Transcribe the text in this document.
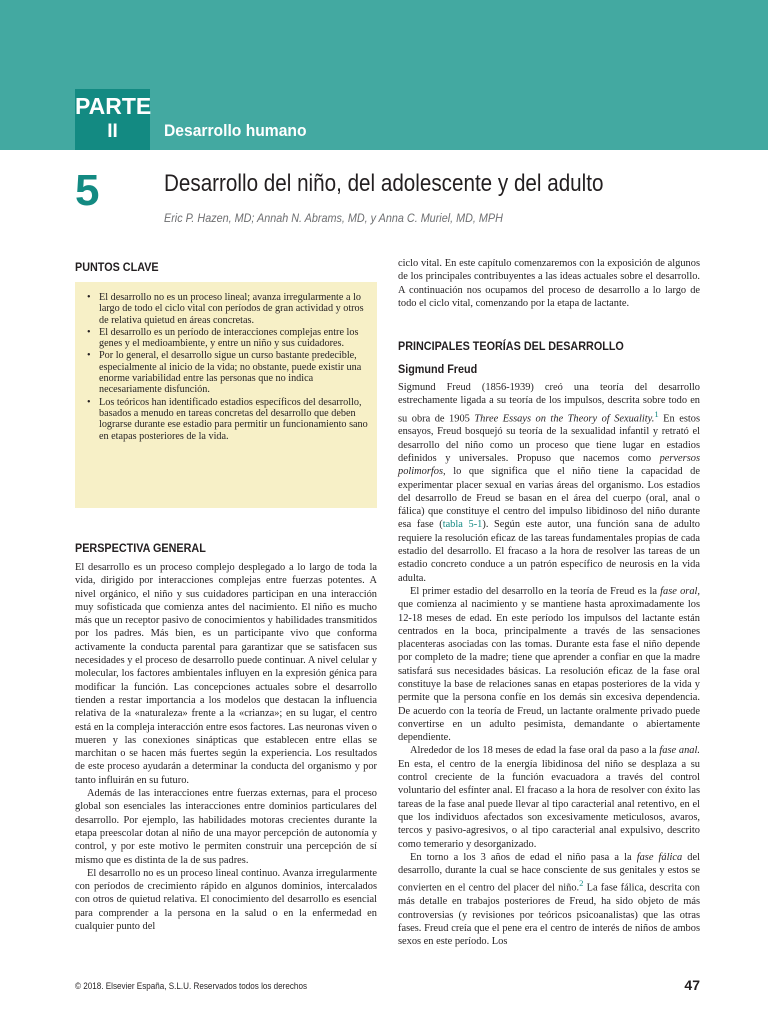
PARTE
II	Desarrollo humano
5	Desarrollo del niño, del adolescente y del adulto
Eric P. Hazen, MD; Annah N. Abrams, MD, y Anna C. Muriel, MD, MPH
PUNTOS CLAVE
• El desarrollo no es un proceso lineal; avanza irregularmente a lo largo de todo el ciclo vital con períodos de gran actividad y otros de relativa quietud en áreas concretas.
• El desarrollo es un período de interacciones complejas entre los genes y el medioambiente, y entre un niño y sus cuidadores.
• Por lo general, el desarrollo sigue un curso bastante predecible, especialmente al inicio de la vida; no obstante, puede existir una enorme variabilidad entre las personas que no indica necesariamente disfunción.
• Los teóricos han identificado estadios específicos del desarrollo, basados a menudo en tareas concretas del desarrollo que deben lograrse durante ese estadio para permitir un funcionamiento sano en etapas posteriores de la vida.
PERSPECTIVA GENERAL

El desarrollo es un proceso complejo desplegado a lo largo de toda la vida, dirigido por interacciones complejas entre fuerzas potentes. A nivel orgánico, el niño y sus cuidadores participan en una interacción muy sofisticada que comienza antes del nacimiento. El niño es mucho más que un receptor pasivo de conocimientos y habilidades transmitidos por los padres. Más bien, es un participante vivo que conforma activamente la conducta parental para garantizar que se satisfacen sus necesidades y el proceso de desarrollo puede continuar. A nivel celular y molecular, los factores ambientales influyen en la expresión génica para modificar la función. Las concepciones actuales sobre el desarrollo tienden a restar importancia a los modelos que destacan la influencia relativa de la «naturaleza» frente a la «crianza»; en su lugar, el centro está en la compleja interacción entre esos factores. Las neuronas viven o mueren y las conexiones sinápticas que establecen entre ellas se marchitan o se hacen más fuertes según la experiencia. Los resultados de este proceso ayudarán a determinar la conducta del organismo y por tanto influirán en su futuro.

Además de las interacciones entre fuerzas externas, para el proceso global son esenciales las interacciones entre dominios particulares del desarrollo. Por ejemplo, las habilidades motoras crecientes durante la etapa preescolar dotan al niño de una mayor percepción de autonomía y control, y por este motivo le permiten construir una percepción de sí mismo que es distinta de la de sus padres.

El desarrollo no es un proceso lineal continuo. Avanza irregularmente con períodos de crecimiento rápido en algunos dominios, intercalados con otros de quietud relativa. El conocimiento del desarrollo es esencial para comprender a la persona en la salud o en la enfermedad en cualquier punto del

ciclo vital. En este capítulo comenzaremos con la exposición de algunos de los principales contribuyentes a las ideas actuales sobre el desarrollo. A continuación nos ocupamos del proceso de desarrollo a lo largo de todo el ciclo vital, comenzando por la etapa de lactante.

PRINCIPALES TEORÍAS DEL DESARROLLO
Sigmund Freud

Sigmund Freud (1856-1939) creó una teoría del desarrollo estrechamente ligada a su teoría de los impulsos, descrita sobre todo en su obra de 1905 Three Essays on the Theory of Sexuality.$^1$ En estos ensayos, Freud bosquejó su teoría de la sexualidad infantil y retrató el desarrollo del niño como un proceso que tiene lugar en estadios definidos y universales. Propuso que nacemos como perversos polimorfos, lo que significa que el niño tiene la capacidad de experimentar placer sexual en varias áreas del organismo. Los estadios del desarrollo de Freud se basan en el área del cuerpo (oral, anal o fálica) que constituye el centro del impulso libidinoso del niño durante esa fase (tabla 5-1). Según este autor, una función sana de adulto requiere la resolución eficaz de las tareas fundamentales propias de cada estadio del desarrollo. El fracaso a la hora de resolver las tareas de un estadio concreto conduce a un patrón específico de neurosis en la vida adulta.

El primer estadio del desarrollo en la teoría de Freud es la fase oral, que comienza al nacimiento y se mantiene hasta aproximadamente los 12-18 meses de edad. En este período los impulsos del lactante están centrados en la boca, principalmente a través de las sensaciones placenteras asociadas con las tomas. Durante esta fase el niño depende por completo de la madre; tiene que aprender a confiar en que la madre satisfará sus necesidades básicas. La resolución eficaz de la fase oral constituye la base de relaciones sanas en etapas posteriores de la vida y permite que la persona confíe en los demás sin excesiva dependencia. De acuerdo con la teoría de Freud, un lactante oralmente privado puede convertirse en un adulto pesimista, demandante o abiertamente dependiente.

Alrededor de los 18 meses de edad la fase oral da paso a la fase anal. En esta, el centro de la energía libidinosa del niño se desplaza a su control creciente de la función evacuadora a través del control voluntario del esfínter anal. El fracaso a la hora de resolver con éxito las tareas de la fase anal puede llevar al tipo caracterial anal retentivo, en el que los individuos afectados son excesivamente meticulosos, avaros, tercos y pasivo-agresivos, o al tipo caracterial anal expulsivo, descrito como temerario y desorganizado.

En torno a los 3 años de edad el niño pasa a la fase fálica del desarrollo, durante la cual se hace consciente de sus genitales y estos se convierten en el centro del placer del niño.$^2$ La fase fálica, descrita con más detalle en trabajos posteriores de Freud, ha sido objeto de más controversias (y revisiones por teóricos psicoanalistas) que las otras fases. Freud creía que el pene era el centro de interés de niños de ambos sexos en este período. Los

© 2018. Elsevier España, S.L.U. Reservados todos los derechos	47
